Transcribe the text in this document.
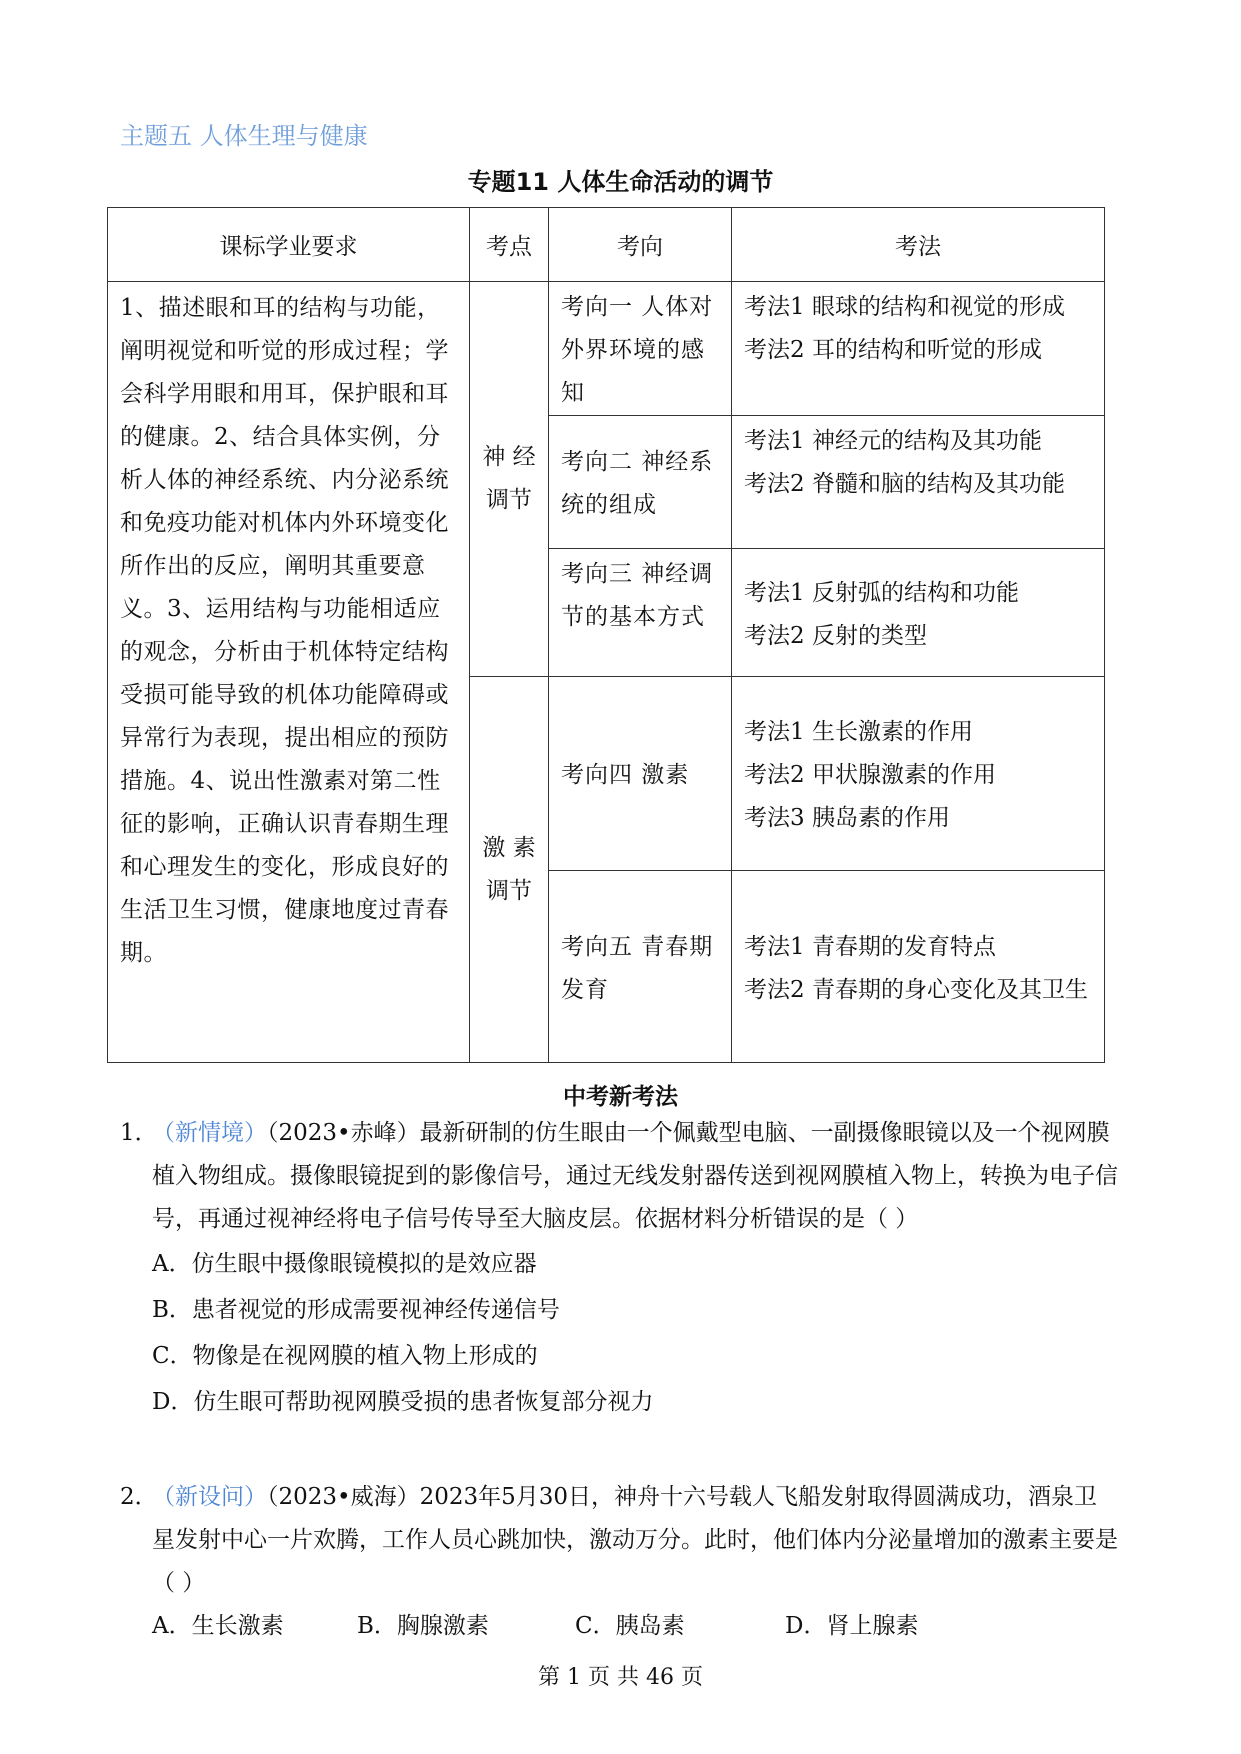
主题五 人体生理与健康
专题11 人体生命活动的调节
课标学业要求	考点	考向	考法
1、描述眼和耳的结构与功能，阐明视觉和听觉的形成过程；学会科学用眼和用耳，保护眼和耳的健康。2、结合具体实例，分析人体的神经系统、内分泌系统和免疫功能对机体内外环境变化所作出的反应，阐明其重要意义。3、运用结构与功能相适应的观念，分析由于机体特定结构受损可能导致的机体功能障碍或异常行为表现，提出相应的预防措施。4、说出性激素对第二性征的影响，正确认识青春期生理和心理发生的变化，形成良好的生活卫生习惯，健康地度过青春期。	神 经调节	考向一 人体对外界环境的感知	考法1 眼球的结构和视觉的形成
考法2 耳的结构和听觉的形成

		考向二 神经系统的组成	考法1 神经元的结构及其功能
考法2 脊髓和脑的结构及其功能

		考向三 神经调节的基本方式	考法1 反射弧的结构和功能
考法2 反射的类型

	激 素调节	考向四 激素	考法1 生长激素的作用
考法2 甲状腺激素的作用
考法3 胰岛素的作用

		考向五 青春期发育	考法1 青春期的发育特点
考法2 青春期的身心变化及其卫生
中考新考法
1．
（新情境）（2023•赤峰）最新研制的仿生眼由一个佩戴型电脑、一副摄像眼镜以及一个视网膜植入物组成。摄像眼镜捉到的影像信号，通过无线发射器传送到视网膜植入物上，转换为电子信号，再通过视神经将电子信号传导至大脑皮层。依据材料分析错误的是（ ）
A．仿生眼中摄像眼镜模拟的是效应器
B．患者视觉的形成需要视神经传递信号
C．物像是在视网膜的植入物上形成的
D．仿生眼可帮助视网膜受损的患者恢复部分视力
2．
（新设问）（2023•威海）2023年5月30日，神舟十六号载人飞船发射取得圆满成功，酒泉卫星发射中心一片欢腾，工作人员心跳加快，激动万分。此时，他们体内分泌量增加的激素主要是（ ）
A．生长激素	B．胸腺激素	C．胰岛素	D．肾上腺素
第 1 页 共 46 页
